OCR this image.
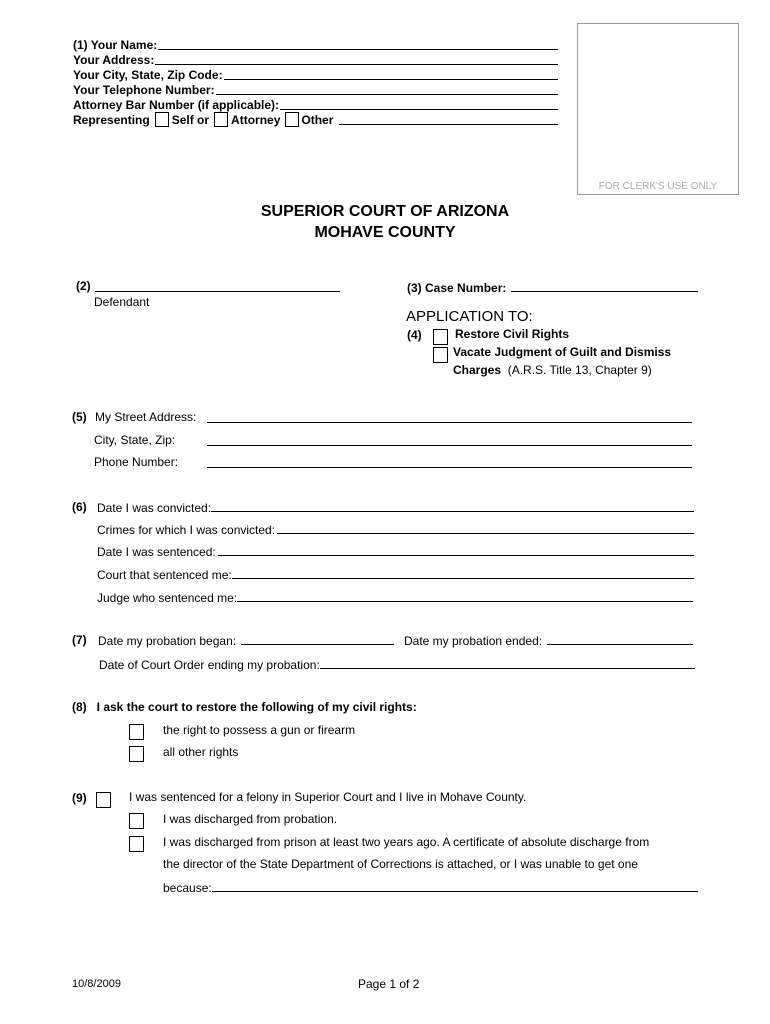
(1) Your Name:
Your Address:
Your City, State, Zip Code:
Your Telephone Number:
Attorney Bar Number (if applicable):
Representing Self or Attorney Other
FOR CLERK'S USE ONLY
SUPERIOR COURT OF ARIZONA
MOHAVE COUNTY
(2)
Defendant
(3) Case Number:
APPLICATION TO:
(4)	Restore Civil Rights
Vacate Judgment of Guilt and Dismiss
Charges (A.R.S. Title 13, Chapter 9)
(5) My Street Address:
City, State, Zip:
Phone Number:
(6) Date I was convicted:
Crimes for which I was convicted:
Date I was sentenced:
Court that sentenced me:
Judge who sentenced me:
(7) Date my probation began:	Date my probation ended:
Date of Court Order ending my probation:
(8)   I ask the court to restore the following of my civil rights:
the right to possess a gun or firearm
all other rights
(9)	I was sentenced for a felony in Superior Court and I live in Mohave County.
I was discharged from probation.
I was discharged from prison at least two years ago. A certificate of absolute discharge from
the director of the State Department of Corrections is attached, or I was unable to get one
because:
10/8/2009	Page 1 of 2
